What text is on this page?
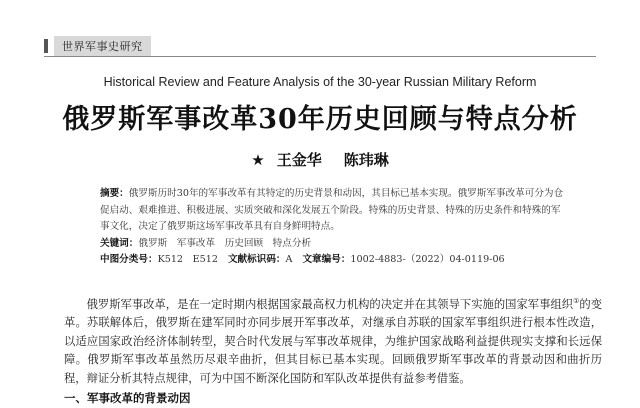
世界军事史研究
Historical Review and Feature Analysis of the 30-year Russian Military Reform
俄罗斯军事改革30年历史回顾与特点分析
★ 王金华 陈玮琳
摘要：俄罗斯历时30年的军事改革有其特定的历史背景和动因，其目标已基本实现。俄罗斯军事改革可分为仓促启动、艰难推进、积极进展、实质突破和深化发展五个阶段。特殊的历史背景、特殊的历史条件和特殊的军事文化，决定了俄罗斯这场军事改革具有自身鲜明特点。
关键词：俄罗斯　军事改革　历史回顾　特点分析
中图分类号：K512　E512 文献标识码：A 文章编号：1002-4883-（2022）04-0119-06
俄罗斯军事改革，是在一定时期内根据国家最高权力机构的决定并在其领导下实施的国家军事组织①的变革。苏联解体后，俄罗斯在建军同时亦同步展开军事改革，对继承自苏联的国家军事组织进行根本性改造，以适应国家政治经济体制转型，契合时代发展与军事改革规律，为维护国家战略利益提供现实支撑和长远保障。俄罗斯军事改革虽然历尽艰辛曲折，但其目标已基本实现。回顾俄罗斯军事改革的背景动因和曲折历程，辩证分析其特点规律，可为中国不断深化国防和军队改革提供有益参考借鉴。
一、军事改革的背景动因
